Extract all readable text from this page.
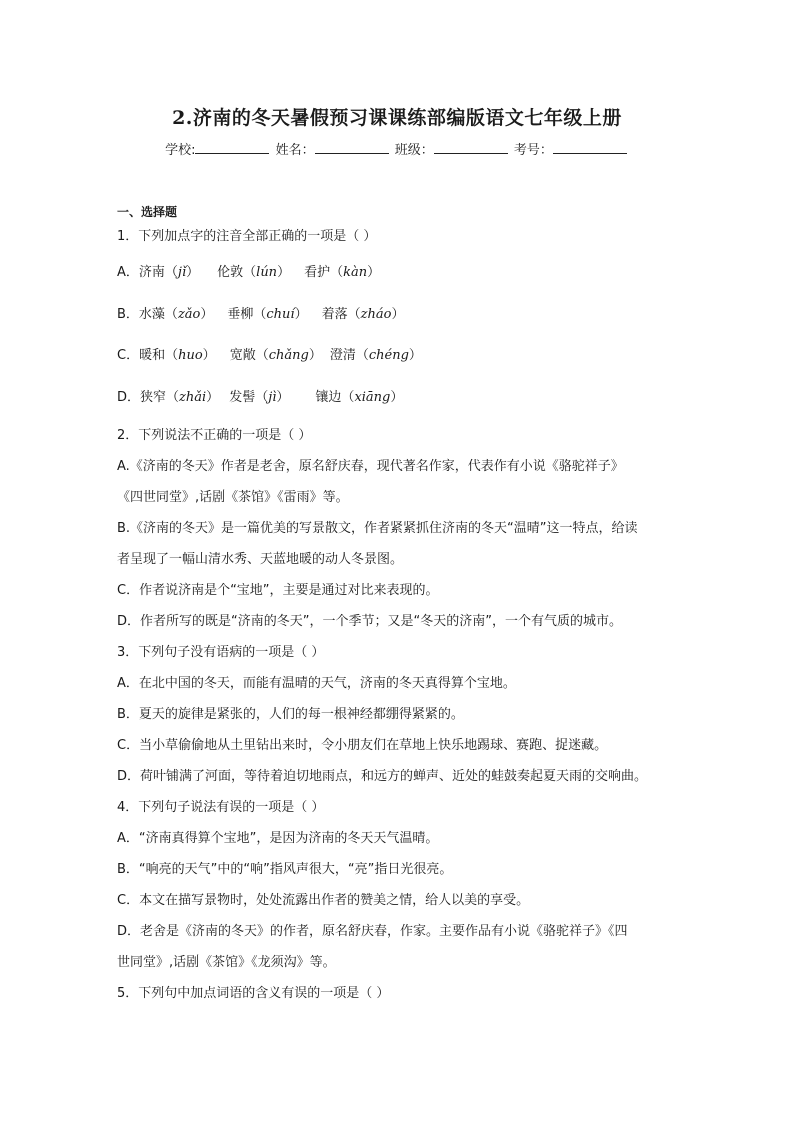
2.济南的冬天暑假预习课课练部编版语文七年级上册
学校:	姓名：	班级：	考号：
一、选择题
1．下列加点字的注音全部正确的一项是（ ）
A．济南（jǐ） 伦敦（lún） 看护（kàn）
B．水藻（zǎo） 垂柳（chuí） 着落（zháo）
C．暖和（huo） 宽敞（chǎng） 澄清（chéng）
D．狭窄（zhǎi） 发髻（jì） 镶边（xiāng）
2．下列说法不正确的一项是（ ）
A.《济南的冬天》作者是老舍，原名舒庆春，现代著名作家，代表作有小说《骆驼祥子》
《四世同堂》,话剧《茶馆》《雷雨》等。
B.《济南的冬天》是一篇优美的写景散文，作者紧紧抓住济南的冬天“温晴”这一特点，给读
者呈现了一幅山清水秀、天蓝地暖的动人冬景图。
C．作者说济南是个“宝地”，主要是通过对比来表现的。
D．作者所写的既是“济南的冬天”，一个季节；又是“冬天的济南”，一个有气质的城市。
3．下列句子没有语病的一项是（ ）
A．在北中国的冬天，而能有温晴的天气，济南的冬天真得算个宝地。
B．夏天的旋律是紧张的，人们的每一根神经都绷得紧紧的。
C．当小草偷偷地从土里钻出来时，令小朋友们在草地上快乐地踢球、赛跑、捉迷藏。
D．荷叶铺满了河面，等待着迫切地雨点，和远方的蝉声、近处的蛙鼓奏起夏天雨的交响曲。
4．下列句子说法有误的一项是（ ）
A．“济南真得算个宝地”，是因为济南的冬天天气温晴。
B．“响亮的天气”中的“响”指风声很大，“亮”指日光很亮。
C．本文在描写景物时，处处流露出作者的赞美之情，给人以美的享受。
D．老舍是《济南的冬天》的作者，原名舒庆春，作家。主要作品有小说《骆驼祥子》《四
世同堂》,话剧《茶馆》《龙须沟》等。
5．下列句中加点词语的含义有误的一项是（ ）
